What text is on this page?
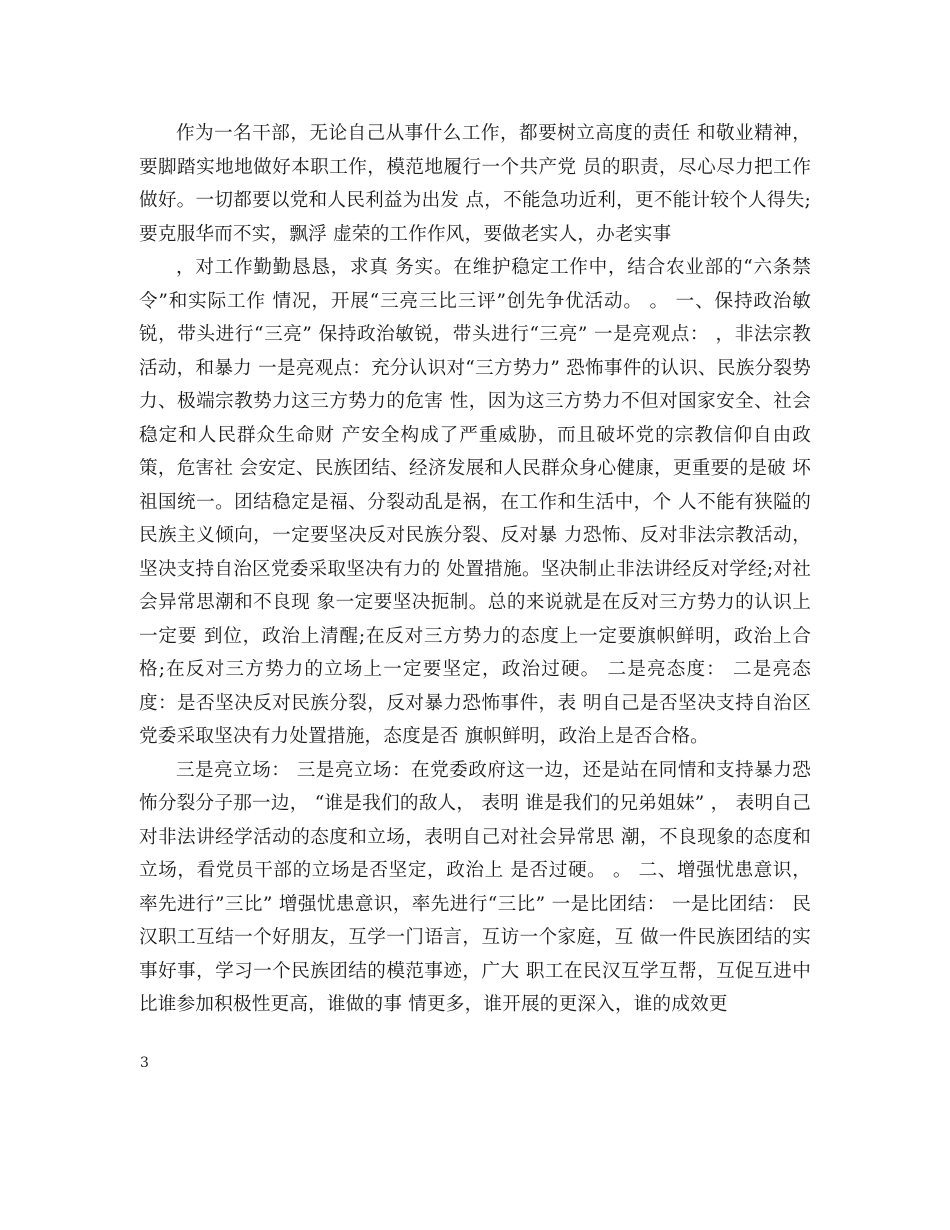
作为一名干部，无论自己从事什么工作，都要树立高度的责任 和敬业精神，要脚踏实地地做好本职工作，模范地履行一个共产党 员的职责，尽心尽力把工作做好。一切都要以党和人民利益为出发 点，不能急功近利，更不能计较个人得失;要克服华而不实，飘浮 虚荣的工作作风，要做老实人，办老实事

，对工作勤勤恳恳，求真 务实。在维护稳定工作中，结合农业部的“六条禁令”和实际工作 情况，开展“三亮三比三评”创先争优活动。 。 一、保持政治敏锐，带头进行“三亮” 保持政治敏锐，带头进行“三亮” 一是亮观点： ，非法宗教活动，和暴力 一是亮观点：充分认识对“三方势力” 恐怖事件的认识、民族分裂势力、极端宗教势力这三方势力的危害 性，因为这三方势力不但对国家安全、社会稳定和人民群众生命财 产安全构成了严重威胁，而且破坏党的宗教信仰自由政策，危害社 会安定、民族团结、经济发展和人民群众身心健康，更重要的是破 坏祖国统一。团结稳定是福、分裂动乱是祸，在工作和生活中，个 人不能有狭隘的民族主义倾向，一定要坚决反对民族分裂、反对暴 力恐怖、反对非法宗教活动，坚决支持自治区党委采取坚决有力的 处置措施。坚决制止非法讲经反对学经;对社会异常思潮和不良现 象一定要坚决扼制。总的来说就是在反对三方势力的认识上一定要 到位，政治上清醒;在反对三方势力的态度上一定要旗帜鲜明，政治上合格;在反对三方势力的立场上一定要坚定，政治过硬。 二是亮态度： 二是亮态度：是否坚决反对民族分裂，反对暴力恐怖事件，表 明自己是否坚决支持自治区党委采取坚决有力处置措施，态度是否 旗帜鲜明，政治上是否合格。

三是亮立场： 三是亮立场：在党委政府这一边，还是站在同情和支持暴力恐怖分裂分子那一边， “谁是我们的敌人， 表明 谁是我们的兄弟姐妹” ， 表明自己对非法讲经学活动的态度和立场，表明自己对社会异常思 潮，不良现象的态度和立场，看党员干部的立场是否坚定，政治上 是否过硬。 。 二、增强忧患意识，率先进行”三比” 增强忧患意识，率先进行“三比” 一是比团结： 一是比团结： 民汉职工互结一个好朋友，互学一门语言，互访一个家庭，互 做一件民族团结的实事好事，学习一个民族团结的模范事迹，广大 职工在民汉互学互帮，互促互进中比谁参加积极性更高，谁做的事 情更多，谁开展的更深入，谁的成效更

3
